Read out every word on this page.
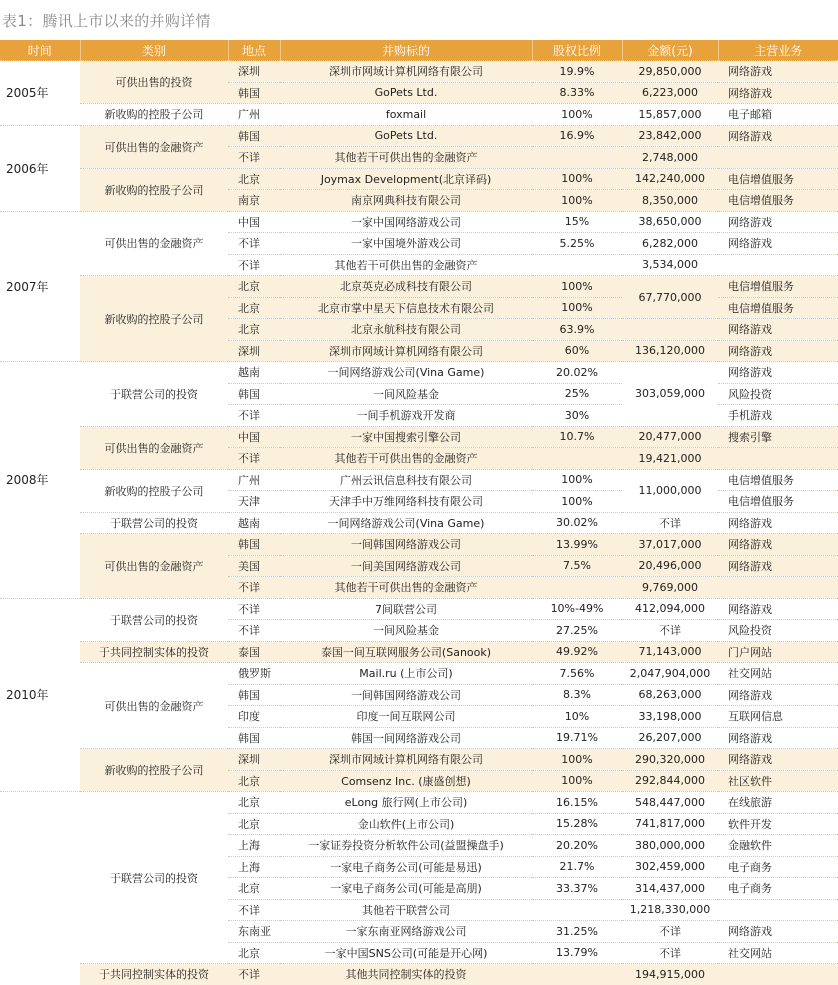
表1：腾讯上市以来的并购详情
时间	类别	地点	并购标的	股权比例	金额(元)	主营业务
2005年	可供出售的投资	深圳	深圳市网域计算机网络有限公司	19.9%	29,850,000	网络游戏
		韩国	GoPets Ltd.	8.33%	6,223,000	网络游戏
	新收购的控股子公司	广州	foxmail	100%	15,857,000	电子邮箱
2006年	可供出售的金融资产	韩国	GoPets Ltd.	16.9%	23,842,000	网络游戏
		不详	其他若干可供出售的金融资产		2,748,000	
	新收购的控股子公司	北京	Joymax Development(北京译码)	100%	142,240,000	电信增值服务
		南京	南京网典科技有限公司	100%	8,350,000	电信增值服务
2007年	可供出售的金融资产	中国	一家中国网络游戏公司	15%	38,650,000	网络游戏
		不详	一家中国境外游戏公司	5.25%	6,282,000	网络游戏
		不详	其他若干可供出售的金融资产		3,534,000	
	新收购的控股子公司	北京	北京英克必成科技有限公司	100%	67,770,000	电信增值服务
		北京	北京市掌中星天下信息技术有限公司	100%		电信增值服务
		北京	北京永航科技有限公司	63.9%		网络游戏
		深圳	深圳市网域计算机网络有限公司	60%	136,120,000	网络游戏
2008年	于联营公司的投资	越南	一间网络游戏公司(Vina Game)	20.02%	303,059,000	网络游戏
		韩国	一间风险基金	25%		风险投资
		不详	一间手机游戏开发商	30%		手机游戏
	可供出售的金融资产	中国	一家中国搜索引擎公司	10.7%	20,477,000	搜索引擎
		不详	其他若干可供出售的金融资产		19,421,000	
	新收购的控股子公司	广州	广州云讯信息科技有限公司	100%	11,000,000	电信增值服务
		天津	天津手中万维网络科技有限公司	100%		电信增值服务
	于联营公司的投资	越南	一间网络游戏公司(Vina Game)	30.02%	不详	网络游戏
	可供出售的金融资产	韩国	一间韩国网络游戏公司	13.99%	37,017,000	网络游戏
		美国	一间美国网络游戏公司	7.5%	20,496,000	网络游戏
		不详	其他若干可供出售的金融资产		9,769,000	
2010年	于联营公司的投资	不详	7间联营公司	10%-49%	412,094,000	网络游戏
		不详	一间风险基金	27.25%	不详	风险投资
	于共同控制实体的投资	泰国	泰国一间互联网服务公司(Sanook)	49.92%	71,143,000	门户网站
	可供出售的金融资产	俄罗斯	Mail.ru (上市公司)	7.56%	2,047,904,000	社交网站
		韩国	一间韩国网络游戏公司	8.3%	68,263,000	网络游戏
		印度	印度一间互联网公司	10%	33,198,000	互联网信息
		韩国	韩国一间网络游戏公司	19.71%	26,207,000	网络游戏
	新收购的控股子公司	深圳	深圳市网域计算机网络有限公司	100%	290,320,000	网络游戏
		北京	Comsenz Inc. (康盛创想)	100%	292,844,000	社区软件
	于联营公司的投资	北京	eLong 旅行网(上市公司)	16.15%	548,447,000	在线旅游
		北京	金山软件(上市公司)	15.28%	741,817,000	软件开发
		上海	一家证券投资分析软件公司(益盟操盘手)	20.20%	380,000,000	金融软件
		上海	一家电子商务公司(可能是易迅)	21.7%	302,459,000	电子商务
		北京	一家电子商务公司(可能是高朋)	33.37%	314,437,000	电子商务
		不详	其他若干联营公司		1,218,330,000	
		东南亚	一家东南亚网络游戏公司	31.25%	不详	网络游戏
		北京	一家中国SNS公司(可能是开心网)	13.79%	不详	社交网站
	于共同控制实体的投资	不详	其他共同控制实体的投资		194,915,000	
